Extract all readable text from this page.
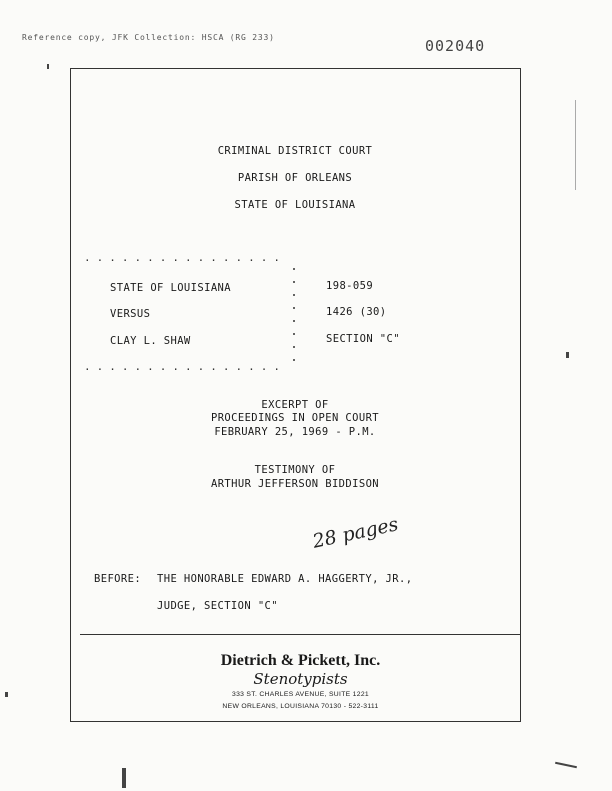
Reference copy, JFK Collection: HSCA (RG 233)	002040
CRIMINAL DISTRICT COURT
PARISH OF ORLEANS
STATE OF LOUISIANA
················
················
STATE OF LOUISIANA
VERSUS
CLAY L. SHAW
198-059
1426 (30)
SECTION "C"
EXCERPT OF
PROCEEDINGS IN OPEN COURT
FEBRUARY 25, 1969 - P.M.
TESTIMONY OF
ARTHUR JEFFERSON BIDDISON
28 pages
BEFORE: THE HONORABLE EDWARD A. HAGGERTY, JR.,
JUDGE, SECTION "C"
Dietrich & Pickett, Inc.
Stenotypists
333 ST. CHARLES AVENUE, SUITE 1221
NEW ORLEANS, LOUISIANA 70130 - 522-3111
